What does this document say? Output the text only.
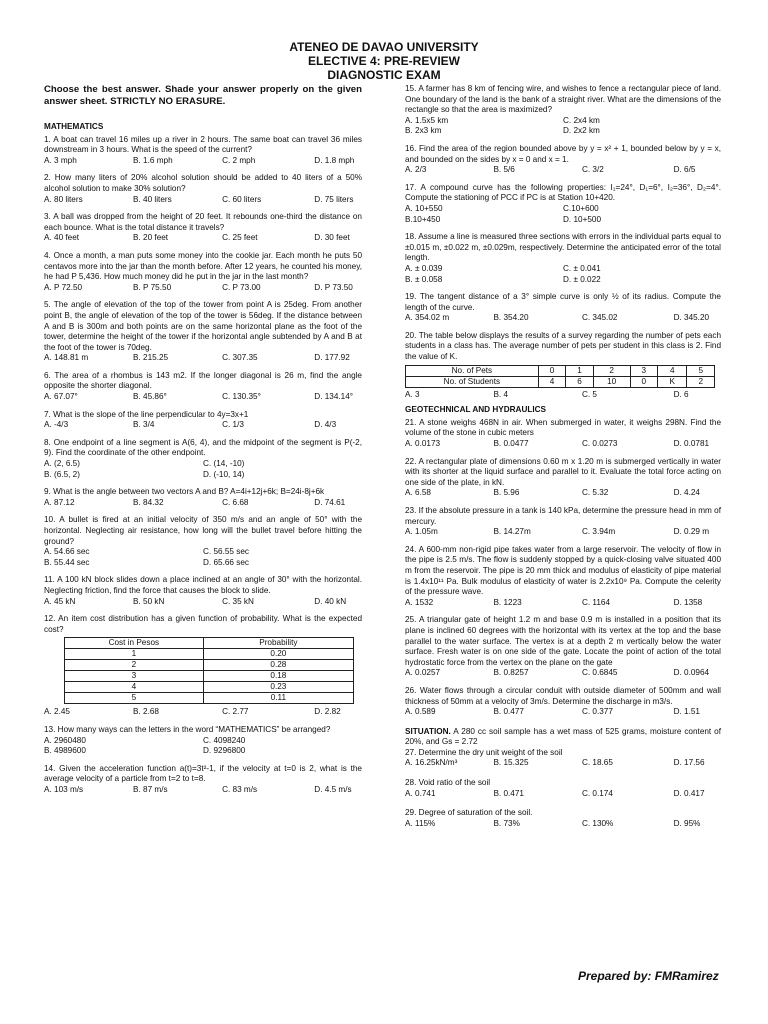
ATENEO DE DAVAO UNIVERSITY
ELECTIVE 4: PRE-REVIEW
DIAGNOSTIC EXAM
Choose the best answer. Shade your answer properly on the given answer sheet. STRICTLY NO ERASURE.
MATHEMATICS

1. A boat can travel 16 miles up a river in 2 hours. The same boat can travel 36 miles downstream in 3 hours. What is the speed of the current?

A. 3 mph	B. 1.6 mph	C. 2 mph	D. 1.8 mph

2. How many liters of 20% alcohol solution should be added to 40 liters of a 50% alcohol solution to make 30% solution?

A. 80 liters	B. 40 liters	C. 60 liters	D. 75 liters

3. A ball was dropped from the height of 20 feet. It rebounds one-third the distance on each bounce. What is the total distance it travels?

A. 40 feet	B. 20 feet	C. 25 feet	D. 30 feet

4. Once a month, a man puts some money into the cookie jar. Each month he puts 50 centavos more into the jar than the month before. After 12 years, he counted his money, he had P 5,436. How much money did he put in the jar in the last month?

A. P 72.50	B. P 75.50	C. P 73.00	D. P 73.50

5. The angle of elevation of the top of the tower from point A is 25deg. From another point B, the angle of elevation of the top of the tower is 56deg. If the distance between A and B is 300m and both points are on the same horizontal plane as the foot of the tower, determine the height of the tower if the horizontal angle subtended by A and B at the foot of the tower is 70deg.

A. 148.81 m	B. 215.25	C. 307.35	D. 177.92

6. The area of a rhombus is 143 m2. If the longer diagonal is 26 m, find the angle opposite the shorter diagonal.

A. 67.07°	B. 45.86°	C. 130.35°	D. 134.14°

7. What is the slope of the line perpendicular to 4y=3x+1

A. -4/3	B. 3/4	C. 1/3	D. 4/3

8. One endpoint of a line segment is A(6, 4), and the midpoint of the segment is P(-2, 9). Find the coordinate of the other endpoint.

A. (2, 6.5)	C. (14, -10)
B. (6.5, 2)	D. (-10, 14)

9. What is the angle between two vectors A and B? A=4i+12j+6k; B=24i-8j+6k

A. 87.12	B. 84.32	C. 6.68	D. 74.61

10. A bullet is fired at an initial velocity of 350 m/s and an angle of 50° with the horizontal. Neglecting air resistance, how long will the bullet travel before hitting the ground?

A. 54.66 sec	C. 56.55 sec
B. 55.44 sec	D. 65.66 sec

11. A 100 kN block slides down a place inclined at an angle of 30° with the horizontal. Neglecting friction, find the force that causes the block to slide.

A. 45 kN	B. 50 kN	C. 35 kN	D. 40 kN

12. An item cost distribution has a given function of probability. What is the expected cost?

Cost in Pesos	Probability
1	0.20
2	0.28
3	0.18
4	0.23
5	0.11
A. 2.45	B. 2.68	C. 2.77	D. 2.82

13. How many ways can the letters in the word “MATHEMATICS” be arranged?

A. 2960480	C. 4098240
B. 4989600	D. 9296800

14. Given the acceleration function a(t)=3t²-1, if the velocity at t=0 is 2, what is the average velocity of a particle from t=2 to t=8.

A. 103 m/s	B. 87 m/s	C. 83 m/s	D. 4.5 m/s

15. A farmer has 8 km of fencing wire, and wishes to fence a rectangular piece of land. One boundary of the land is the bank of a straight river. What are the dimensions of the rectangle so that the area is maximized?

A. 1.5x5 km	C. 2x4 km
B. 2x3 km	D. 2x2 km

16. Find the area of the region bounded above by y = x² + 1, bounded below by y = x, and bounded on the sides by x = 0 and x = 1.

A. 2/3	B. 5/6	C. 3/2	D. 6/5

17. A compound curve has the following properties: I₁=24°, D₁=6°, I₂=36°, D₂=4°. Compute the stationing of PCC if PC is at Station 10+420.

A. 10+550	C.10+600
B.10+450	D. 10+500

18. Assume a line is measured three sections with errors in the individual parts equal to ±0.015 m, ±0.022 m, ±0.029m, respectively. Determine the anticipated error of the total length.

A. ± 0.039	C. ± 0.041
B. ± 0.058	D. ± 0.022

19. The tangent distance of a 3° simple curve is only ½ of its radius. Compute the length of the curve.

A. 354.02 m	B. 354.20	C. 345.02	D. 345.20

20. The table below displays the results of a survey regarding the number of pets each students in a class has. The average number of pets per student in this class is 2. Find the value of K.

No. of Pets	0	1	2	3	4	5
No. of Students	4	6	10	0	K	2
A. 3	B. 4	C. 5	D. 6
GEOTECHNICAL AND HYDRAULICS

21. A stone weighs 468N in air. When submerged in water, it weighs 298N. Find the volume of the stone in cubic meters

A. 0.0173	B. 0.0477	C. 0.0273	D. 0.0781

22. A rectangular plate of dimensions 0.60 m x 1.20 m is submerged vertically in water with its shorter at the liquid surface and parallel to it. Evaluate the total force acting on one side of the plate, in kN.

A. 6.58	B. 5.96	C. 5.32	D. 4.24

23. If the absolute pressure in a tank is 140 kPa, determine the pressure head in mm of mercury.

A. 1.05m	B. 14.27m	C. 3.94m	D. 0.29 m

24. A 600-mm non-rigid pipe takes water from a large reservoir. The velocity of flow in the pipe is 2.5 m/s. The flow is suddenly stopped by a quick-closing valve situated 400 m from the reservoir. The pipe is 20 mm thick and modulus of elasticity of pipe material is 1.4x10¹¹ Pa. Bulk modulus of elasticity of water is 2.2x10⁹ Pa. Compute the celerity of the pressure wave.

A. 1532	B. 1223	C. 1164	D. 1358

25. A triangular gate of height 1.2 m and base 0.9 m is installed in a position that its plane is inclined 60 degrees with the horizontal with its vertex at the top and the base parallel to the water surface. The vertex is at a depth 2 m vertically below the water surface. Fresh water is on one side of the gate. Locate the point of action of the total hydrostatic force from the vertex on the plane on the gate

A. 0.0257	B. 0.8257	C. 0.6845	D. 0.0964

26. Water flows through a circular conduit with outside diameter of 500mm and wall thickness of 50mm at a velocity of 3m/s. Determine the discharge in m3/s.

A. 0.589	B. 0.477	C. 0.377	D. 1.51

SITUATION. A 280 cc soil sample has a wet mass of 525 grams, moisture content of 20%, and Gs = 2.72

27. Determine the dry unit weight of the soil

A. 16.25kN/m³	B. 15.325	C. 18.65	D. 17.56

28. Void ratio of the soil

A. 0.741	B. 0.471	C. 0.174	D. 0.417

29. Degree of saturation of the soil.

A. 115%	B. 73%	C. 130%	D. 95%
Prepared by: FMRamirez
